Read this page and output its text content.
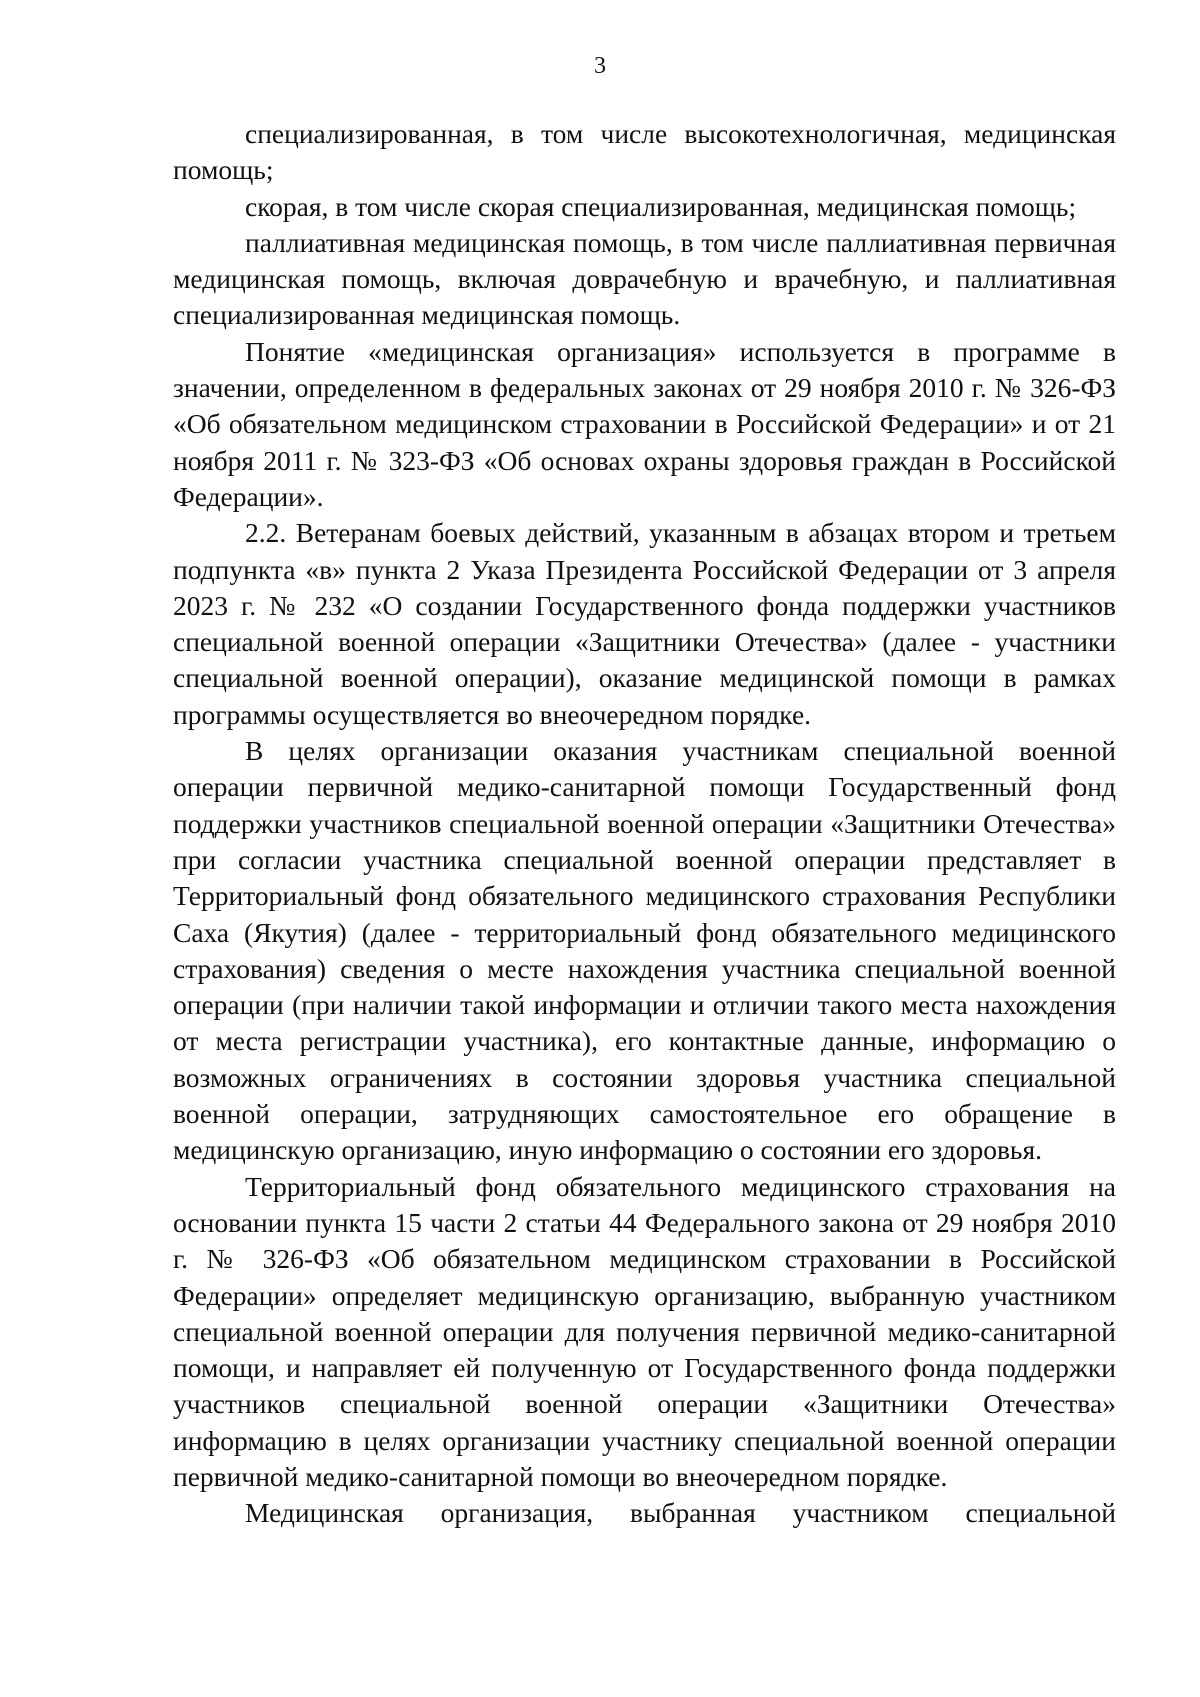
3

специализированная, в том числе высокотехнологичная, медицинская помощь;

скорая, в том числе скорая специализированная, медицинская помощь;

паллиативная медицинская помощь, в том числе паллиативная первичная медицинская помощь, включая доврачебную и врачебную, и паллиативная специализированная медицинская помощь.

Понятие «медицинская организация» используется в программе в значении, определенном в федеральных законах от 29 ноября 2010 г. № 326-ФЗ «Об обязательном медицинском страховании в Российской Федерации» и от 21 ноября 2011 г. № 323-ФЗ «Об основах охраны здоровья граждан в Российской Федерации».

2.2. Ветеранам боевых действий, указанным в абзацах втором и третьем подпункта «в» пункта 2 Указа Президента Российской Федерации от 3 апреля 2023 г. № 232 «О создании Государственного фонда поддержки участников специальной военной операции «Защитники Отечества» (далее - участники специальной военной операции), оказание медицинской помощи в рамках программы осуществляется во внеочередном порядке.

В целях организации оказания участникам специальной военной операции первичной медико-санитарной помощи Государственный фонд поддержки участников специальной военной операции «Защитники Отечества» при согласии участника специальной военной операции представляет в Территориальный фонд обязательного медицинского страхования Республики Саха (Якутия) (далее - территориальный фонд обязательного медицинского страхования) сведения о месте нахождения участника специальной военной операции (при наличии такой информации и отличии такого места нахождения от места регистрации участника), его контактные данные, информацию о возможных ограничениях в состоянии здоровья участника специальной военной операции, затрудняющих самостоятельное его обращение в медицинскую организацию, иную информацию о состоянии его здоровья.

Территориальный фонд обязательного медицинского страхования на основании пункта 15 части 2 статьи 44 Федерального закона от 29 ноября 2010 г. № 326-ФЗ «Об обязательном медицинском страховании в Российской Федерации» определяет медицинскую организацию, выбранную участником специальной военной операции для получения первичной медико-санитарной помощи, и направляет ей полученную от Государственного фонда поддержки участников специальной военной операции «Защитники Отечества» информацию в целях организации участнику специальной военной операции первичной медико-санитарной помощи во внеочередном порядке.

Медицинская организация, выбранная участником специальной
